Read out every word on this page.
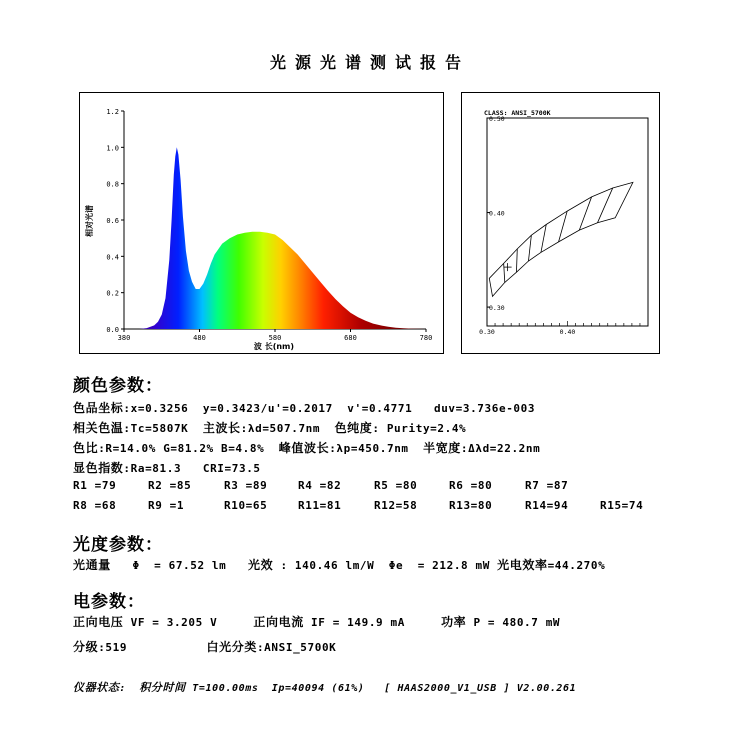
光源光谱测试报告
0.0
0.2
0.4
0.6
0.8
1.0
1.2
380	480	580	680	780
相对光谱
波 长(nm)
CLASS: ANSI_5700K
0.50
0.40
0.30
0.30	0.40
颜色参数：
色品坐标:x=0.3256  y=0.3423/u'=0.2017  v'=0.4771   duv=3.736e-003
相关色温:Tc=5807K  主波长:λd=507.7nm  色纯度: Purity=2.4%
色比:R=14.0% G=81.2% B=4.8%  峰值波长:λp=450.7nm  半宽度:Δλd=22.2nm
显色指数:Ra=81.3   CRI=73.5
R1 =79	R2 =85	R3 =89	R4 =82	R5 =80	R6 =80	R7 =87
R8 =68	R9 =1	R10=65	R11=81	R12=58	R13=80	R14=94	R15=74
光度参数：
光通量   Φ  = 67.52 lm   光效 : 140.46 lm/W  Φe  = 212.8 mW 光电效率=44.270%
电参数：
正向电压 VF = 3.205 V     正向电流 IF = 149.9 mA     功率 P = 480.7 mW
分级:519           白光分类:ANSI_5700K
仪器状态:  积分时间 T=100.00ms  Ip=40094 (61%)   [ HAAS2000_V1_USB ] V2.00.261
